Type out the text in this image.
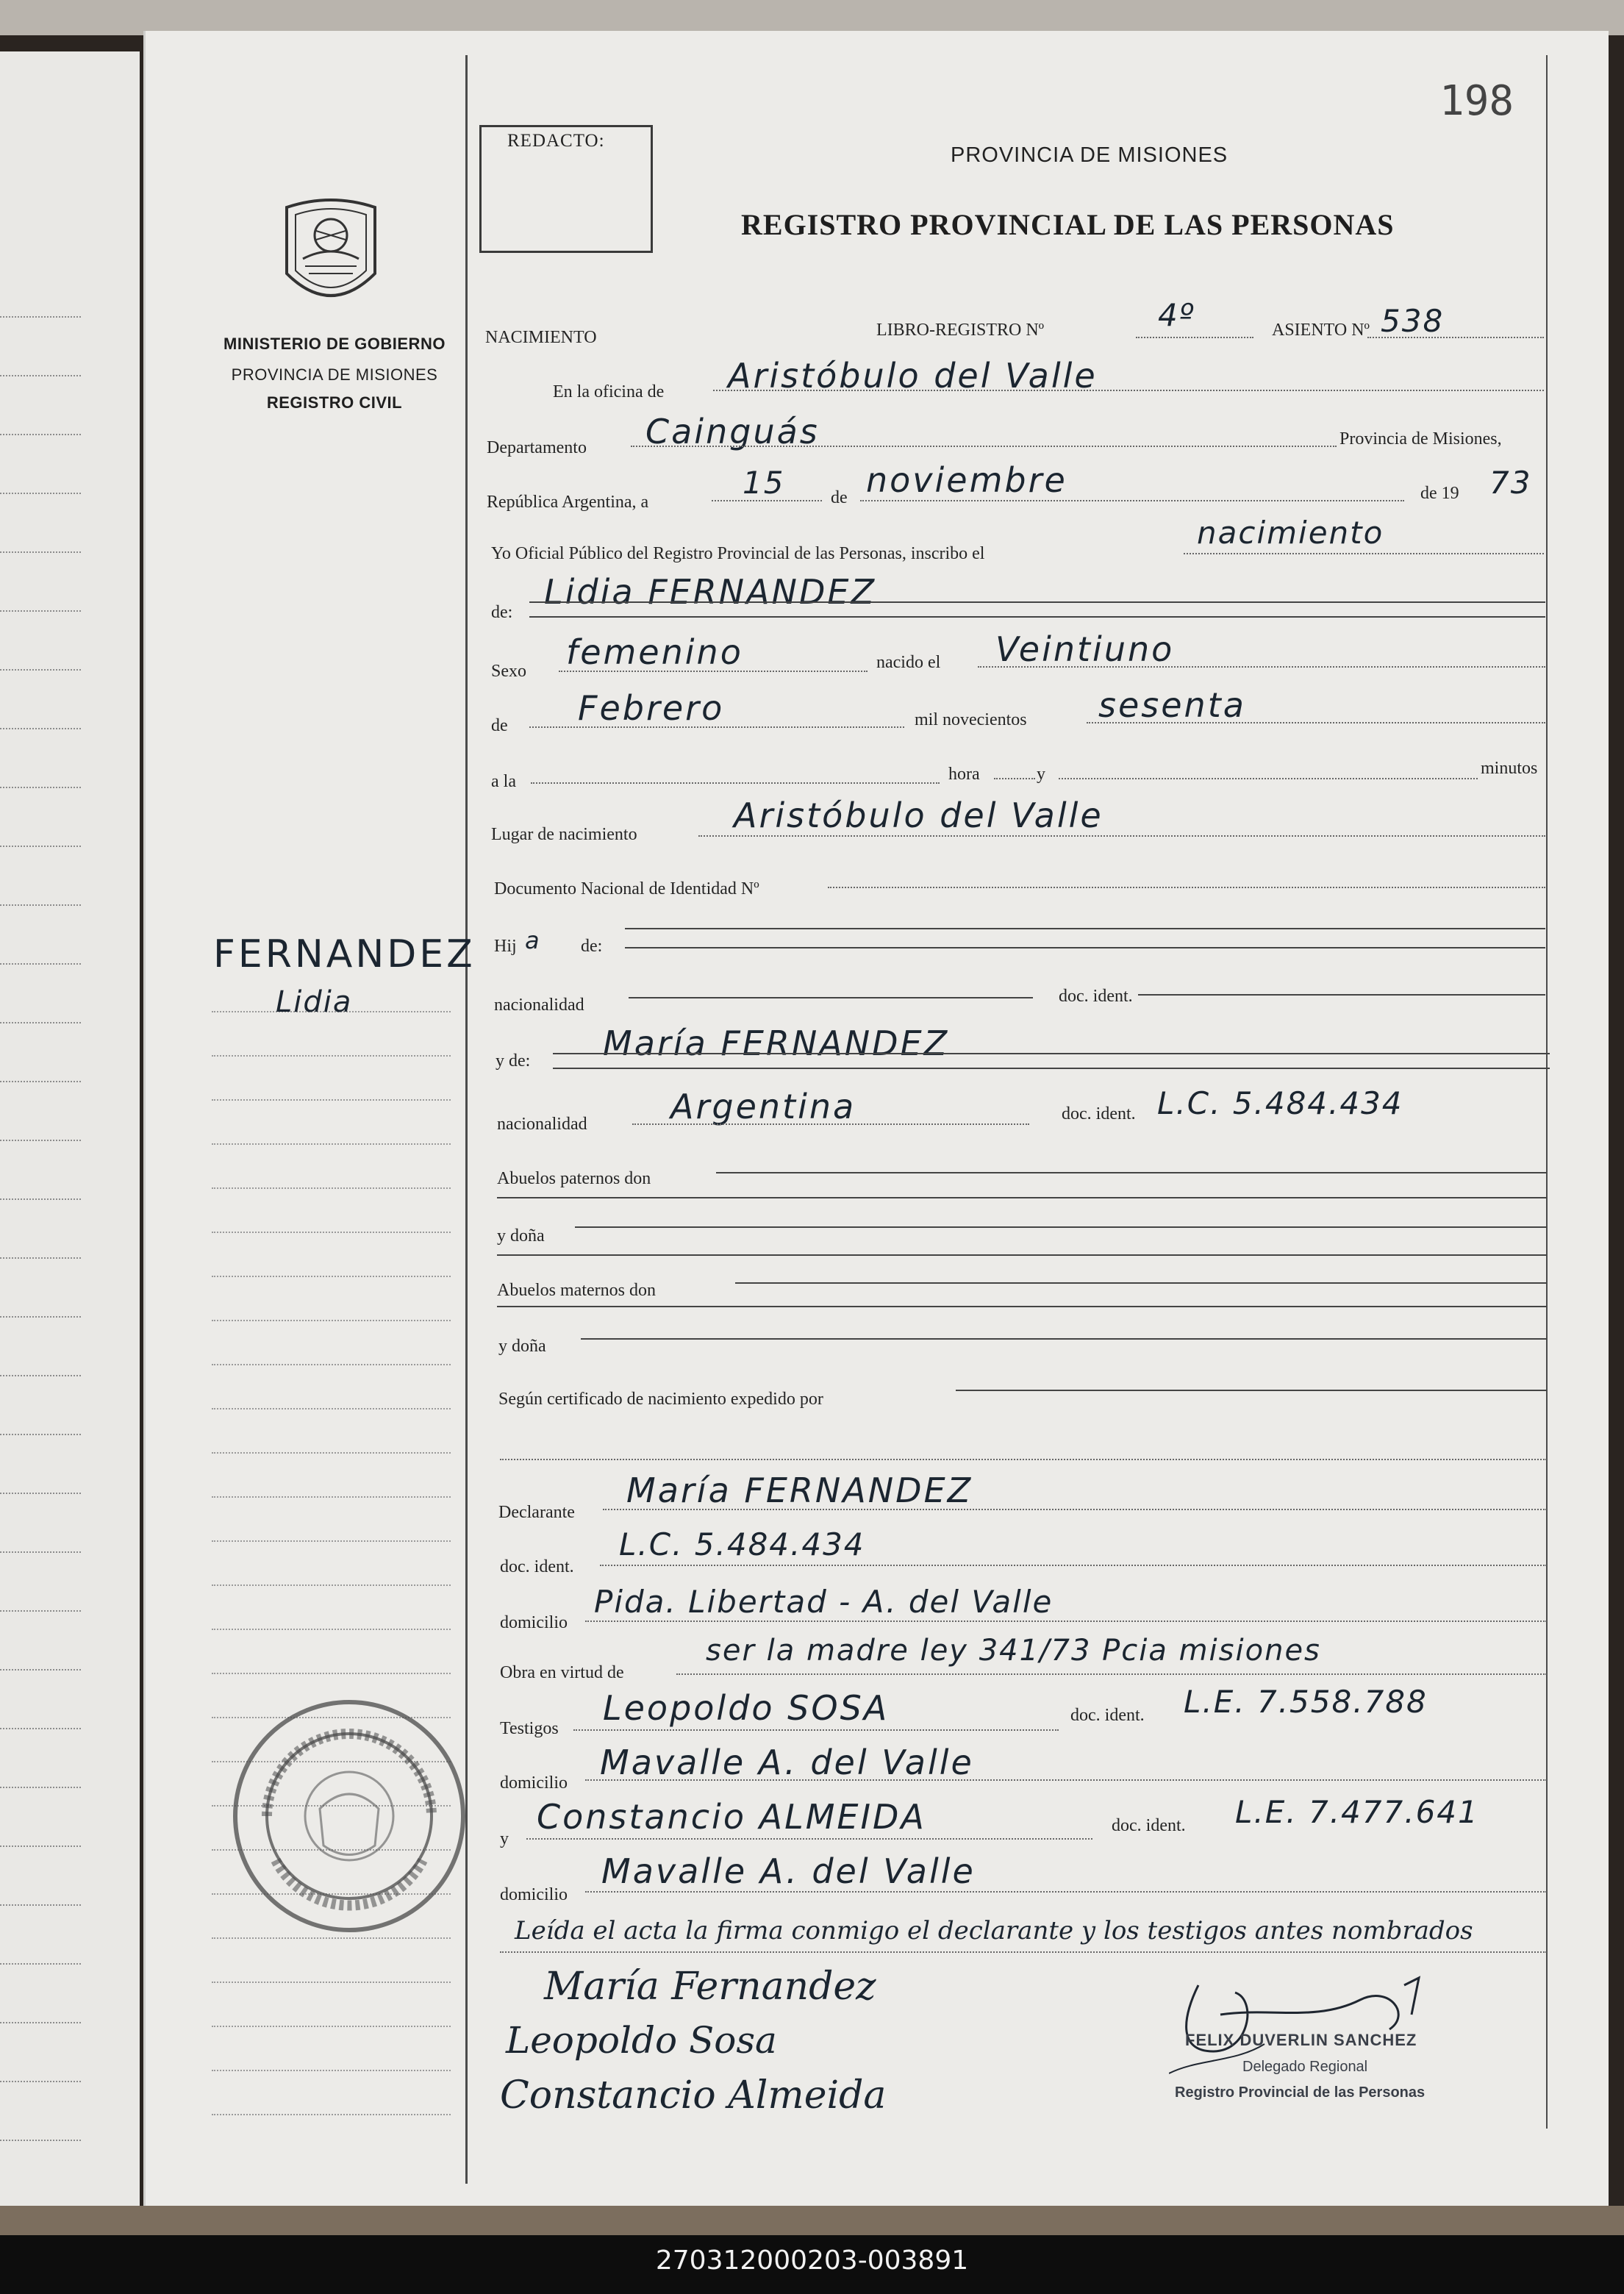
REDACTO:
198
PROVINCIA DE MISIONES
REGISTRO PROVINCIAL DE LAS PERSONAS
MINISTERIO DE GOBIERNO
PROVINCIA DE MISIONES
REGISTRO CIVIL
FERNANDEZ
Lidia
NACIMIENTO	LIBRO-REGISTRO Nº	4º	ASIENTO Nº 538
En la oficina de Aristóbulo del Valle
Departamento Cainguás	Provincia de Misiones,
República Argentina, a
15	de noviembre	de 19 73
Yo Oficial Público del Registro Provincial de las Personas, inscribo el
nacimiento
de:
Lidia FERNANDEZ
Sexo femenino	nacido el Veintiuno
de Febrero	mil novecientos sesenta
a la	hora	y	minutos
Lugar de nacimiento	Aristóbulo del Valle
Documento Nacional de Identidad Nº
Hij a de:
nacionalidad	doc. ident.
y de: María FERNANDEZ
nacionalidad Argentina	doc. ident. L.C. 5.484.434
Abuelos paternos don
y doña
Abuelos maternos don
y doña
Según certificado de nacimiento expedido por
Declarante
María FERNANDEZ
doc. ident.
L.C. 5.484.434
domicilio
Pida. Libertad - A. del Valle
Obra en virtud de
ser la madre ley 341/73 Pcia misiones
Testigos
Leopoldo SOSA	doc. ident. L.E. 7.558.788
domicilio
Mavalle A. del Valle
y
Constancio ALMEIDA	doc. ident. L.E. 7.477.641
domicilio
Mavalle A. del Valle
Leída el acta la firma conmigo el declarante y los testigos antes nombrados
María Fernandez
Leopoldo Sosa
Constancio Almeida
FELIX DUVERLIN SANCHEZ
Delegado Regional
Registro Provincial de las Personas
270312000203-003891
